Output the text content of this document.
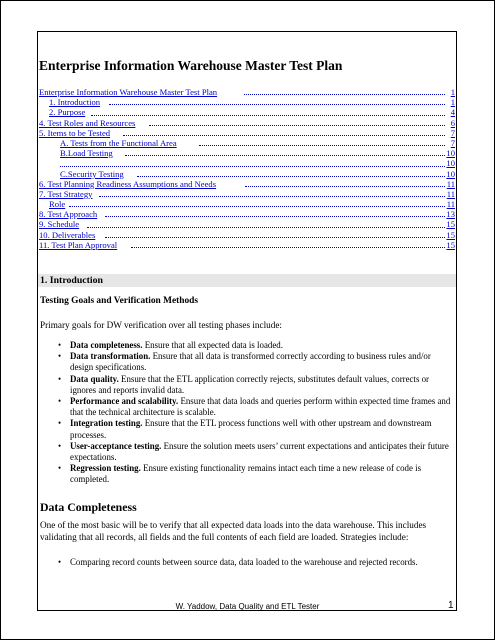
Enterprise Information Warehouse Master Test Plan
Enterprise Information Warehouse Master Test Plan	1
1. Introduction	1
2. Purpose	4
4. Test Roles and Resources	6
5. Items to be Tested	7
A. Tests from the Functional Area	7
B.Load Testing	10
10
C.Security Testing	10
6. Test Planning Readiness Assumptions and Needs	11
7. Test Strategy	11
Role	11
8. Test Approach	13
9. Schedule	15
10. Deliverables	15
11. Test Plan Approval	15
1. Introduction
Testing Goals and Verification Methods
Primary goals for DW verification over all testing phases include:
• Data completeness. Ensure that all expected data is loaded.
• Data transformation. Ensure that all data is transformed correctly according to business rules and/or design specifications.
• Data quality. Ensure that the ETL application correctly rejects, substitutes default values, corrects or ignores and reports invalid data.
• Performance and scalability. Ensure that data loads and queries perform within expected time frames and that the technical architecture is scalable.
• Integration testing. Ensure that the ETL process functions well with other upstream and downstream processes.
• User-acceptance testing. Ensure the solution meets users’ current expectations and anticipates their future expectations.
• Regression testing. Ensure existing functionality remains intact each time a new release of code is completed.
Data Completeness
One of the most basic will be to verify that all expected data loads into the data warehouse. This includes validating that all records, all fields and the full contents of each field are loaded. Strategies include:
• Comparing record counts between source data, data loaded to the warehouse and rejected records.
W. Yaddow, Data Quality and ETL Tester	1
